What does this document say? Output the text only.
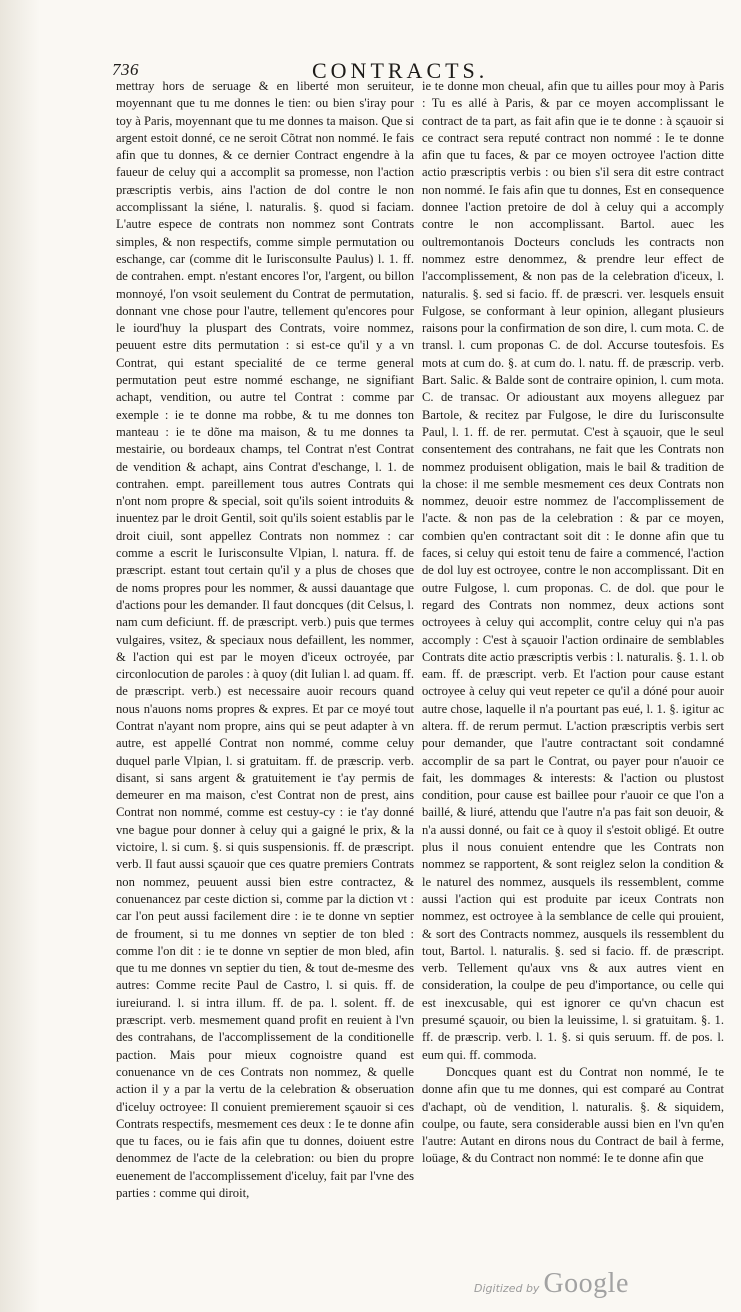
736	CONTRACTS.

mettray hors de seruage & en liberté mon seruiteur, moyennant que tu me donnes le tien: ou bien s'iray pour toy à Paris, moyennant que tu me donnes ta maison. Que si argent estoit donné, ce ne seroit Cõtrat non nommé. Ie fais afin que tu donnes, & ce dernier Contract engendre à la faueur de celuy qui a accomplit sa promesse, non l'action præscriptis verbis, ains l'action de dol contre le non accomplissant la siéne, l. naturalis. §. quod si faciam. L'autre espece de contrats non nommez sont Contrats simples, & non respectifs, comme simple permutation ou eschange, car (comme dit le Iurisconsulte Paulus) l. 1. ff. de contrahen. empt. n'estant encores l'or, l'argent, ou billon monnoyé, l'on vsoit seulement du Contrat de permutation, donnant vne chose pour l'autre, tellement qu'encores pour le iourd'huy la pluspart des Contrats, voire nommez, peuuent estre dits permutation : si est-ce qu'il y a vn Contrat, qui estant specialité de ce terme general permutation peut estre nommé eschange, ne signifiant achapt, vendition, ou autre tel Contrat : comme par exemple : ie te donne ma robbe, & tu me donnes ton manteau : ie te dõne ma maison, & tu me donnes ta mestairie, ou bordeaux champs, tel Contrat n'est Contrat de vendition & achapt, ains Contrat d'eschange, l. 1. de contrahen. empt. pareillement tous autres Contrats qui n'ont nom propre & special, soit qu'ils soient introduits & inuentez par le droit Gentil, soit qu'ils soient establis par le droit ciuil, sont appellez Contrats non nommez : car comme a escrit le Iurisconsulte Vlpian, l. natura. ff. de præscript. estant tout certain qu'il y a plus de choses que de noms propres pour les nommer, & aussi dauantage que d'actions pour les demander. Il faut doncques (dit Celsus, l. nam cum deficiunt. ff. de præscript. verb.) puis que termes vulgaires, vsitez, & speciaux nous defaillent, les nommer, & l'action qui est par le moyen d'iceux octroyée, par circonlocution de paroles : à quoy (dit Iulian l. ad quam. ff. de præscript. verb.) est necessaire auoir recours quand nous n'auons noms propres & expres. Et par ce moyé tout Contrat n'ayant nom propre, ains qui se peut adapter à vn autre, est appellé Contrat non nommé, comme celuy duquel parle Vlpian, l. si gratuitam. ff. de præscrip. verb. disant, si sans argent & gratuitement ie t'ay permis de demeurer en ma maison, c'est Contrat non de prest, ains Contrat non nommé, comme est cestuy-cy : ie t'ay donné vne bague pour donner à celuy qui a gaigné le prix, & la victoire, l. si cum. §. si quis suspensionis. ff. de præscript. verb. Il faut aussi sçauoir que ces quatre premiers Contrats non nommez, peuuent aussi bien estre contractez, & conuenancez par ceste diction si, comme par la diction vt : car l'on peut aussi facilement dire : ie te donne vn septier de froument, si tu me donnes vn septier de ton bled : comme l'on dit : ie te donne vn septier de mon bled, afin que tu me donnes vn septier du tien, & tout de-mesme des autres: Comme recite Paul de Castro, l. si quis. ff. de iureiurand. l. si intra illum. ff. de pa. l. solent. ff. de præscript. verb. mesmement quand profit en reuient à l'vn des contrahans, de l'accomplissement de la conditionelle paction. Mais pour mieux cognoistre quand est conuenance vn de ces Contrats non nommez, & quelle action il y a par la vertu de la celebration & obseruation d'iceluy octroyee: Il conuient premierement sçauoir si ces Contrats respectifs, mesmement ces deux : Ie te donne afin que tu faces, ou ie fais afin que tu donnes, doiuent estre denommez de l'acte de la celebration: ou bien du propre euenement de l'accomplissement d'iceluy, fait par l'vne des parties : comme qui diroit,

ie te donne mon cheual, afin que tu ailles pour moy à Paris : Tu es allé à Paris, & par ce moyen accomplissant le contract de ta part, as fait afin que ie te donne : à sçauoir si ce contract sera reputé contract non nommé : Ie te donne afin que tu faces, & par ce moyen octroyee l'action ditte actio præscriptis verbis : ou bien s'il sera dit estre contract non nommé. Ie fais afin que tu donnes, Est en consequence donnee l'action pretoire de dol à celuy qui a accomply contre le non accomplissant. Bartol. auec les oultremontanois Docteurs concluds les contracts non nommez estre denommez, & prendre leur effect de l'accomplissement, & non pas de la celebration d'iceux, l. naturalis. §. sed si facio. ff. de præscri. ver. lesquels ensuit Fulgose, se conformant à leur opinion, allegant plusieurs raisons pour la confirmation de son dire, l. cum mota. C. de transl. l. cum proponas C. de dol. Accurse toutesfois. Es mots at cum do. §. at cum do. l. natu. ff. de præscrip. verb. Bart. Salic. & Balde sont de contraire opinion, l. cum mota. C. de transac. Or adioustant aux moyens alleguez par Bartole, & recitez par Fulgose, le dire du Iurisconsulte Paul, l. 1. ff. de rer. permutat. C'est à sçauoir, que le seul consentement des contrahans, ne fait que les Contrats non nommez produisent obligation, mais le bail & tradition de la chose: il me semble mesmement ces deux Contrats non nommez, deuoir estre nommez de l'accomplissement de l'acte. & non pas de la celebration : & par ce moyen, combien qu'en contractant soit dit : Ie donne afin que tu faces, si celuy qui estoit tenu de faire a commencé, l'action de dol luy est octroyee, contre le non accomplissant. Dit en outre Fulgose, l. cum proponas. C. de dol. que pour le regard des Contrats non nommez, deux actions sont octroyees à celuy qui accomplit, contre celuy qui n'a pas accomply : C'est à sçauoir l'action ordinaire de semblables Contrats dite actio præscriptis verbis : l. naturalis. §. 1. l. ob eam. ff. de præscript. verb. Et l'action pour cause estant octroyee à celuy qui veut repeter ce qu'il a dóné pour auoir autre chose, laquelle il n'a pourtant pas eué, l. 1. §. igitur ac altera. ff. de rerum permut. L'action præscriptis verbis sert pour demander, que l'autre contractant soit condamné accomplir de sa part le Contrat, ou payer pour n'auoir ce fait, les dommages & interests: & l'action ou plustost condition, pour cause est baillee pour r'auoir ce que l'on a baillé, & liuré, attendu que l'autre n'a pas fait son deuoir, & n'a aussi donné, ou fait ce à quoy il s'estoit obligé. Et outre plus il nous conuient entendre que les Contrats non nommez se rapportent, & sont reiglez selon la condition & le naturel des nommez, ausquels ils ressemblent, comme aussi l'action qui est produite par iceux Contrats non nommez, est octroyee à la semblance de celle qui prouient, & sort des Contracts nommez, ausquels ils ressemblent du tout, Bartol. l. naturalis. §. sed si facio. ff. de præscript. verb. Tellement qu'aux vns & aux autres vient en consideration, la coulpe de peu d'importance, ou celle qui est inexcusable, qui est ignorer ce qu'vn chacun est presumé sçauoir, ou bien la leuissime, l. si gratuitam. §. 1. ff. de præscrip. verb. l. 1. §. si quis seruum. ff. de pos. l. eum qui. ff. commoda.

Doncques quant est du Contrat non nommé, Ie te donne afin que tu me donnes, qui est comparé au Contrat d'achapt, où de vendition, l. naturalis. §. & siquidem, coulpe, ou faute, sera considerable aussi bien en l'vn qu'en l'autre: Autant en dirons nous du Contract de bail à ferme, loüage, & du Contract non nommé: Ie te donne afin que

Digitized by Google
